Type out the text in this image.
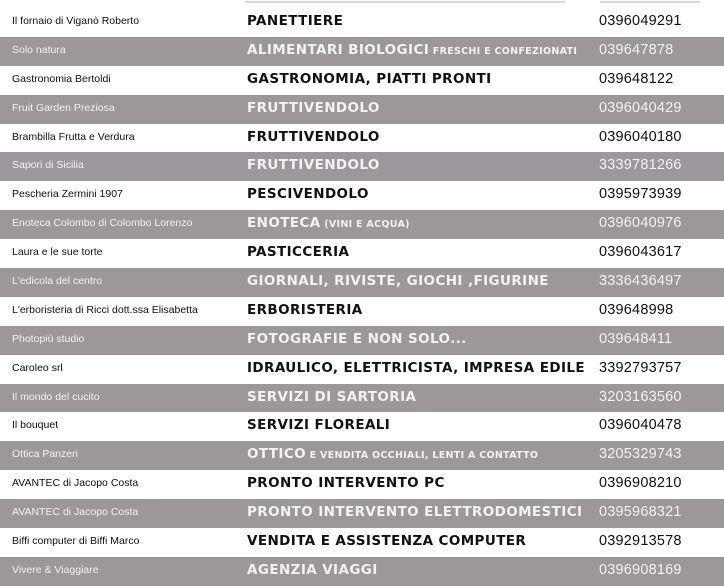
Il fornaio di Viganò Roberto	PANETTIERE	0396049291
Solo natura	ALIMENTARI BIOLOGICI FRESCHI E CONFEZIONATI 039647878
Gastronomia Bertoldi	GASTRONOMIA, PIATTI PRONTI	039648122
Fruit Garden Preziosa	FRUTTIVENDOLO	0396040429
Brambilla Frutta e Verdura	FRUTTIVENDOLO	0396040180
Sapori di Sicilia	FRUTTIVENDOLO	3339781266
Pescheria Zermini 1907	PESCIVENDOLO	0395973939
Enoteca Colombo di Colombo Lorenzo	ENOTECA (VINI E ACQUA)	0396040976
Laura e le sue torte	PASTICCERIA	0396043617
L'edicola del centro	GIORNALI, RIVISTE, GIOCHI ,FIGURINE	3336436497
L'erboristeria di Ricci dott.ssa Elisabetta	ERBORISTERIA	039648998
Photopiù studio	FOTOGRAFIE E NON SOLO...	039648411
Caroleo srl	IDRAULICO, ELETTRICISTA, IMPRESA EDILE 3392793757
Il mondo del cucito	SERVIZI DI SARTORIA	3203163560
Il bouquet	SERVIZI FLOREALI	0396040478
Ottica Panzeri	OTTICO E VENDITA OCCHIALI, LENTI A CONTATTO	3205329743
AVANTEC di Jacopo Costa	PRONTO INTERVENTO PC	0396908210
AVANTEC di Jacopo Costa	PRONTO INTERVENTO ELETTRODOMESTICI 0395968321
Biffi computer di Biffi Marco	VENDITA E ASSISTENZA COMPUTER	0392913578
Vivere & Viaggiare	AGENZIA VIAGGI	0396908169
